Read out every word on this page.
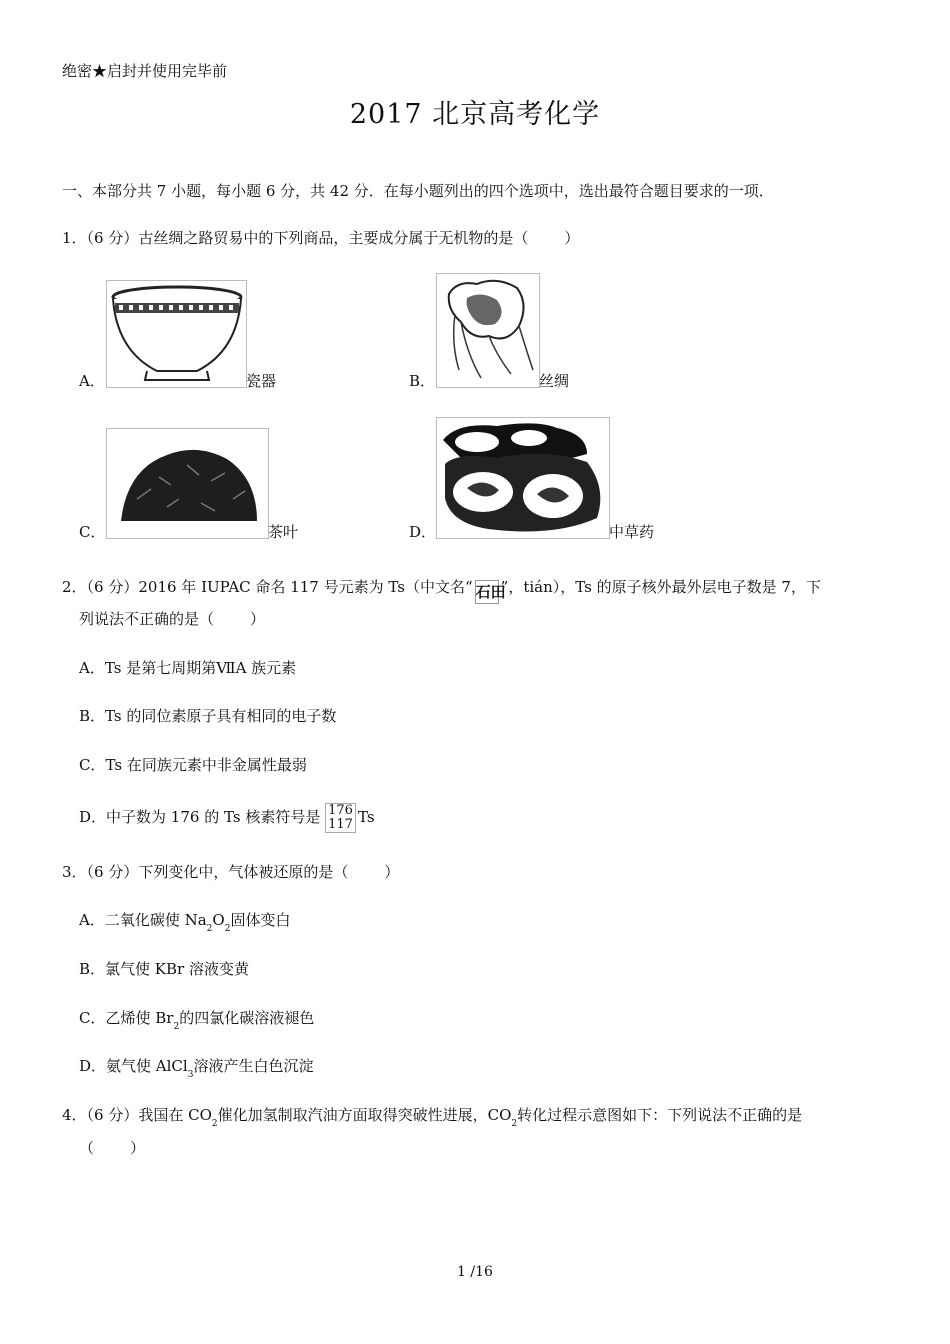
绝密★启封并使用完毕前
2017 北京高考化学
一、本部分共 7 小题，每小题 6 分，共 42 分．在每小题列出的四个选项中，选出最符合题目要求的一项．
1．（6 分）古丝绸之路贸易中的下列商品，主要成分属于无机物的是（ ）
A．	瓷器	B．	丝绸
C．	茶叶	D．	中草药
2．（6 分）2016 年 IUPAC 命名 117 号元素为 Ts（中文名“ 石田”，tián），Ts 的原子核外最外层电子数是 7，下
列说法不正确的是（ ）
A．Ts 是第七周期第ⅦA 族元素
B．Ts 的同位素原子具有相同的电子数
C．Ts 在同族元素中非金属性最弱
D．中子数为 176 的 Ts 核素符号是 176
117 Ts
3．（6 分）下列变化中，气体被还原的是（ ）
A．二氧化碳使 $Na_2O_2$固体变白
B．氯气使 KBr 溶液变黄
C．乙烯使 $Br_2$的四氯化碳溶液褪色
D．氨气使 AlCl$_3$溶液产生白色沉淀
4．（6 分）我国在 $CO_2$催化加氢制取汽油方面取得突破性进展，$CO_2$转化过程示意图如下：下列说法不正确的是
（ ）
1 /16
